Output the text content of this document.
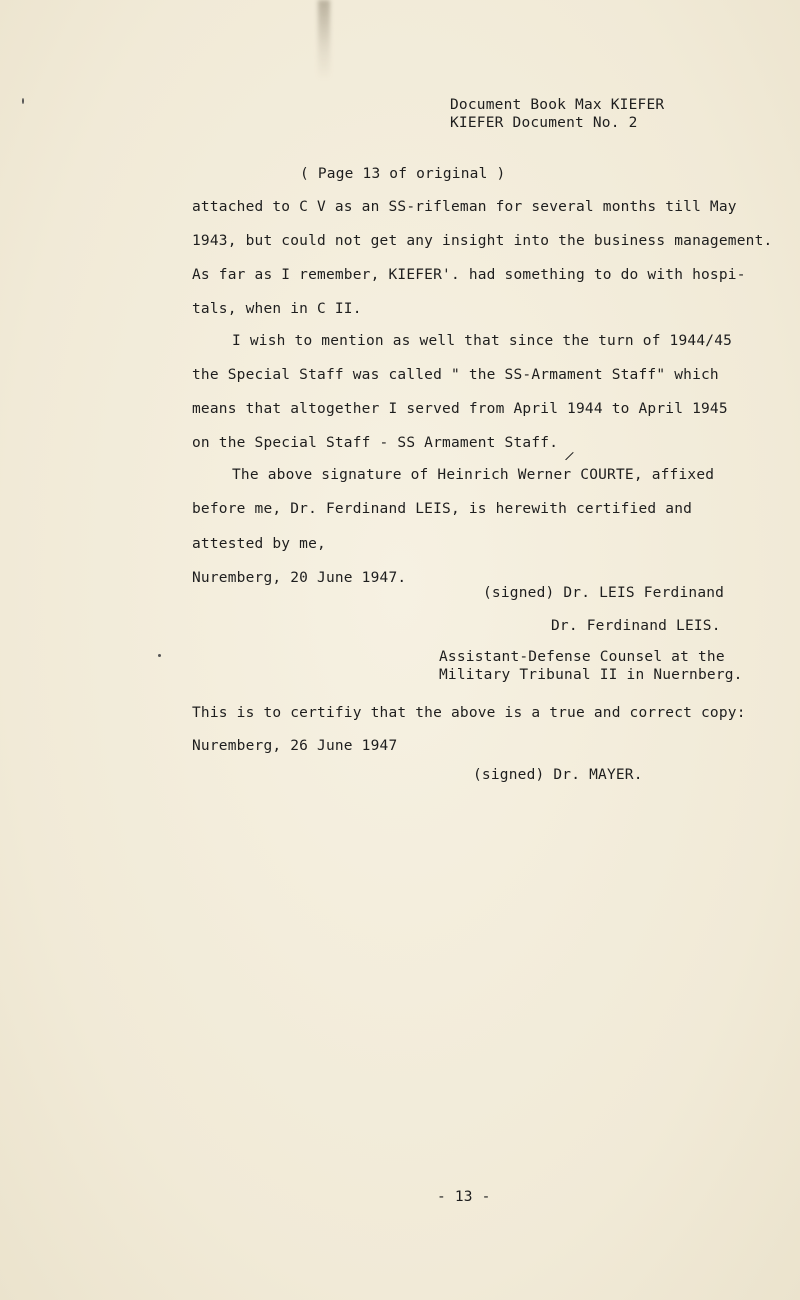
Document Book Max KIEFER
KIEFER Document No. 2
( Page 13 of original )
attached to C V as an SS-rifleman for several months till May
1943, but could not get any insight into the business management.
As far as I remember, KIEFER'. had something to do with hospi-
tals, when in C II.
I wish to mention as well that since the turn of 1944/45
the Special Staff was called " the SS-Armament Staff" which
means that altogether I served from April 1944 to April 1945
on the Special Staff - SS Armament Staff.
/
The above signature of Heinrich Werner COURTE, affixed
before me, Dr. Ferdinand LEIS, is herewith certified and
attested by me,
Nuremberg, 20 June 1947.
(signed) Dr. LEIS Ferdinand
Dr. Ferdinand LEIS.
Assistant-Defense Counsel at the
Military Tribunal II in Nuernberg.
This is to certifiy that the above is a true and correct copy:
Nuremberg, 26 June 1947
(signed) Dr. MAYER.
- 13 -
